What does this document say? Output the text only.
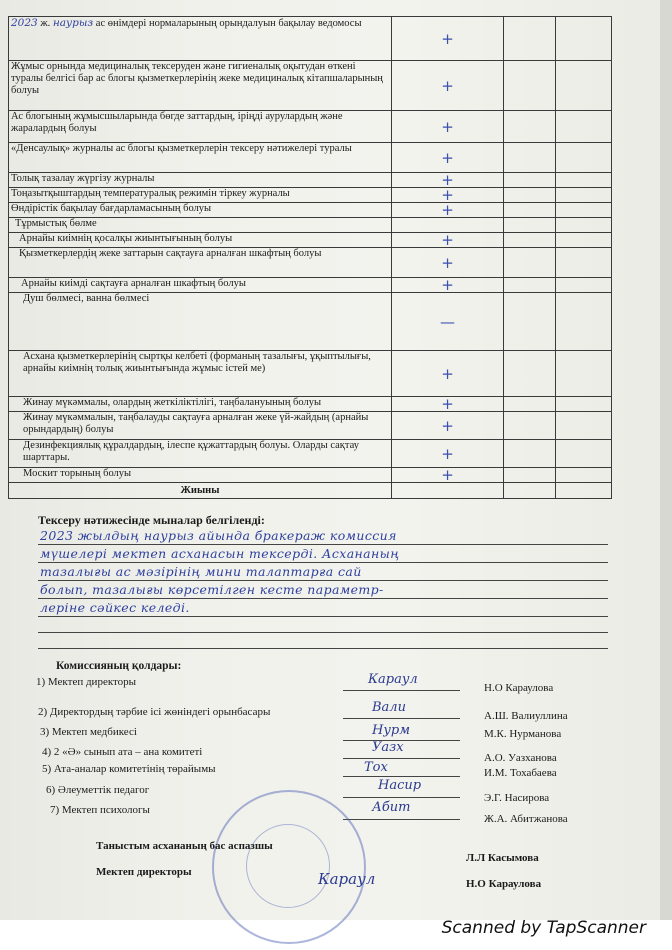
2023 ж. наурыз ас өнімдері нормаларының орындалуын бақылау ведомосы	+		
Жұмыс орнында медициналық тексеруден және гигиеналық оқытудан өткені туралы белгісі бар ас блогы қызметкерлерінің жеке медициналық кітапшаларының болуы	+		
Ас блогының жұмысшыларында бөгде заттардың, іріңді аурулардың және жаралардың болуы	+		
«Денсаулық» журналы ас блогы қызметкерлерін тексеру нәтижелері туралы	+		
Толық тазалау жүргізу журналы	+		
Тоңазытқыштардың температуралық режимін тіркеу журналы	+		
Өндірістік бақылау бағдарламасының болуы	+		
Тұрмыстық бөлме			
Арнайы киімнің қосалқы жиынтығының болуы	+		
Қызметкерлердің жеке заттарын сақтауға арналған шкафтың болуы	+		
Арнайы киімді сақтауға арналған шкафтың болуы	+		
Душ бөлмесі, ванна бөлмесі	—		
Асхана қызметкерлерінің сыртқы келбеті (форманың тазалығы, ұқыптылығы, арнайы киімнің толық жиынтығында жұмыс істей ме)	+		
Жинау мүкәммалы, олардың жеткіліктілігі, таңбалануының болуы	+		
Жинау мүкәммалын, таңбалауды сақтауға арналған жеке үй-жайдың (арнайы орындардың) болуы	+		
Дезинфекциялық құралдардың, ілеспе құжаттардың болуы. Оларды сақтау шарттары.	+		
Москит торының болуы	+		
Жиыны			
Тексеру нәтижесінде мыналар белгіленді:
2023 жылдың наурыз айында бракераж комиссия
мүшелері мектеп асханасын тексерді. Асхананың
тазалығы ас мәзірінің мини талаптарға сай
болып, тазалығы көрсетілген кесте параметр-
леріне сәйкес келеді.
Комиссияның қолдары:
1) Мектеп директоры	Караул
Н.О Караулова
2) Директордың тәрбие ісі жөніндегі орынбасары	Вали
А.Ш. Валиуллина
3) Мектеп медбикесі	Нурм	М.К. Нурманова
4) 2 «Ә» сынып ата – ана комитеті	Уазх
А.О. Уазханова
5) Ата-аналар комитетінің төрайымы	Тох	И.М. Тохабаева
6) Әлеуметтік педагог	Насир
Э.Г. Насирова
7) Мектеп психологы	Абит
Ж.А. Абитжанова
Таныстым асхананың бас аспазшы
Л.Л Касымова
Мектеп директоры	Караул	Н.О Караулова
Scanned by TapScanner
